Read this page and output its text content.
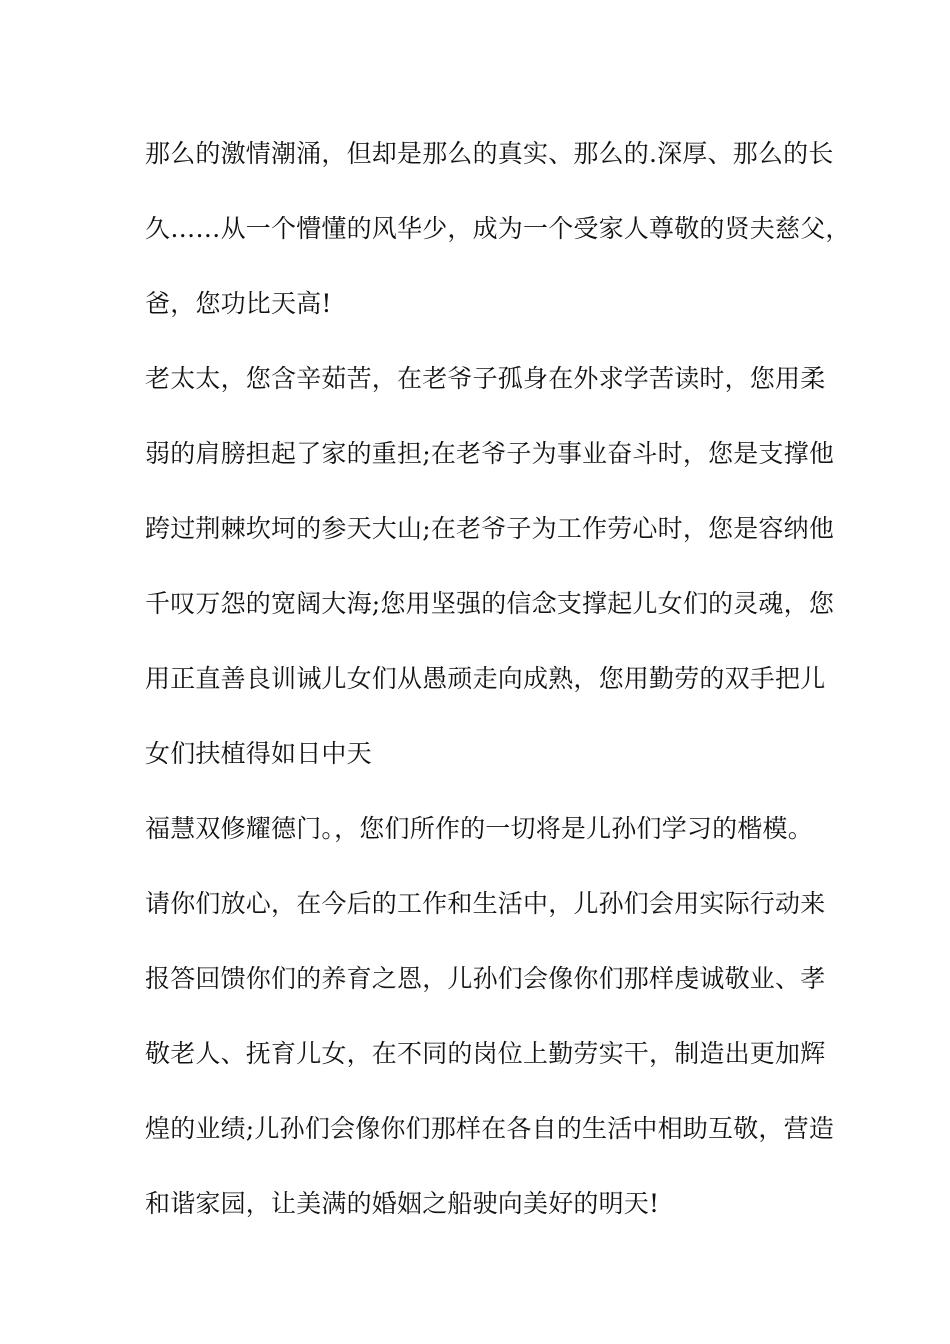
那么的激情潮涌，但却是那么的真实、那么的.深厚、那么的长
久……从一个懵懂的风华少，成为一个受家人尊敬的贤夫慈父，
爸，您功比天高!
老太太，您含辛茹苦，在老爷子孤身在外求学苦读时，您用柔
弱的肩膀担起了家的重担;在老爷子为事业奋斗时，您是支撑他
跨过荆棘坎坷的参天大山;在老爷子为工作劳心时，您是容纳他
千叹万怨的宽阔大海;您用坚强的信念支撑起儿女们的灵魂，您
用正直善良训诫儿女们从愚顽走向成熟，您用勤劳的双手把儿
女们扶植得如日中天
福慧双修耀德门。，您们所作的一切将是儿孙们学习的楷模。
请你们放心，在今后的工作和生活中，儿孙们会用实际行动来
报答回馈你们的养育之恩，儿孙们会像你们那样虔诚敬业、孝
敬老人、抚育儿女，在不同的岗位上勤劳实干，制造出更加辉
煌的业绩;儿孙们会像你们那样在各自的生活中相助互敬，营造
和谐家园，让美满的婚姻之船驶向美好的明天!
